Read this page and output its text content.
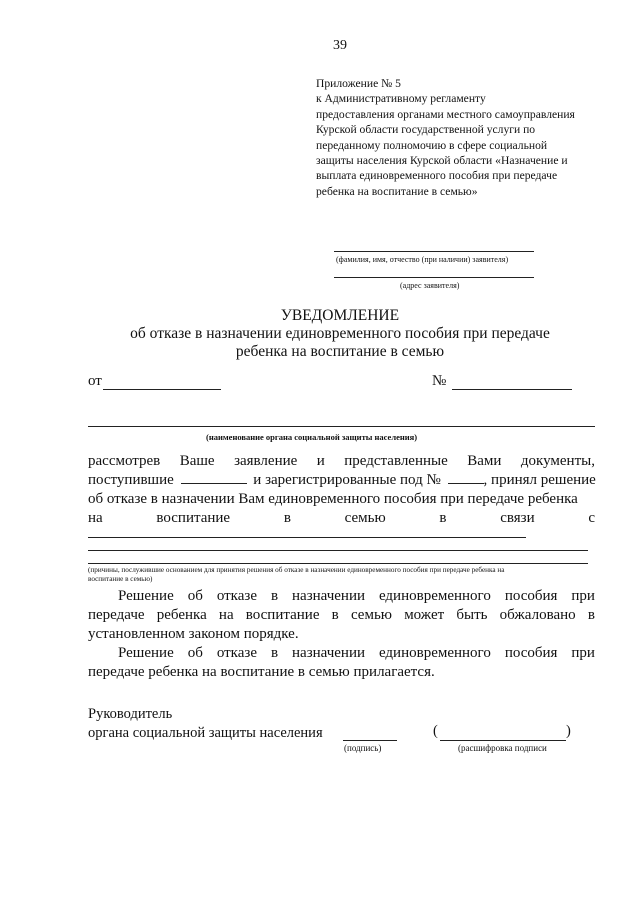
39
Приложение № 5
к Административному регламенту
предоставления органами местного самоуправления
Курской области государственной услуги по
переданному полномочию в сфере социальной
защиты населения Курской области «Назначение и
выплата единовременного пособия при передаче
ребенка на воспитание в семью»
(фамилия, имя, отчество (при наличии) заявителя)
(адрес заявителя)
УВЕДОМЛЕНИЕ
об отказе в назначении единовременного пособия при передаче
ребенка на воспитание в семью
от	№
(наименование органа социальной защиты населения)
рассмотрев Ваше заявление и представленные Вами документы,
поступившие	и зарегистрированные под №	, принял решение
об отказе в назначении Вам единовременного пособия при передаче ребенка
на	воспитание	в	семью	в	связи	с
(причины, послужившие основанием для принятия решения об отказе в назначении единовременного пособия при передаче ребенка на
воспитание в семью)
Решение об отказе в назначении единовременного пособия при
передаче ребенка на воспитание в семью может быть обжаловано в
установленном законом порядке.
Решение об отказе в назначении единовременного пособия при
передаче ребенка на воспитание в семью прилагается.
Руководитель
органа социальной защиты населения
(подпись)
(	)
(расшифровка подписи
